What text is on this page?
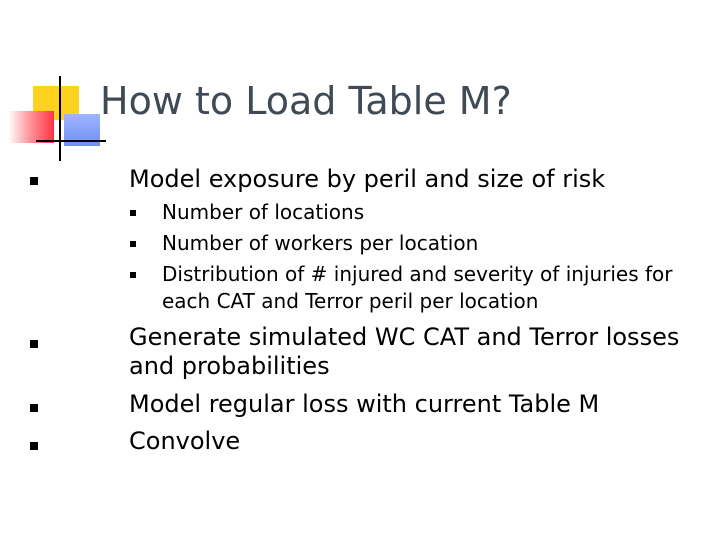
How to Load Table M?
Model exposure by peril and size of risk
Number of locations
Number of workers per location
Distribution of # injured and severity of injuries for
each CAT and Terror peril per location
Generate simulated WC CAT and Terror losses
and probabilities
Model regular loss with current Table M
Convolve
